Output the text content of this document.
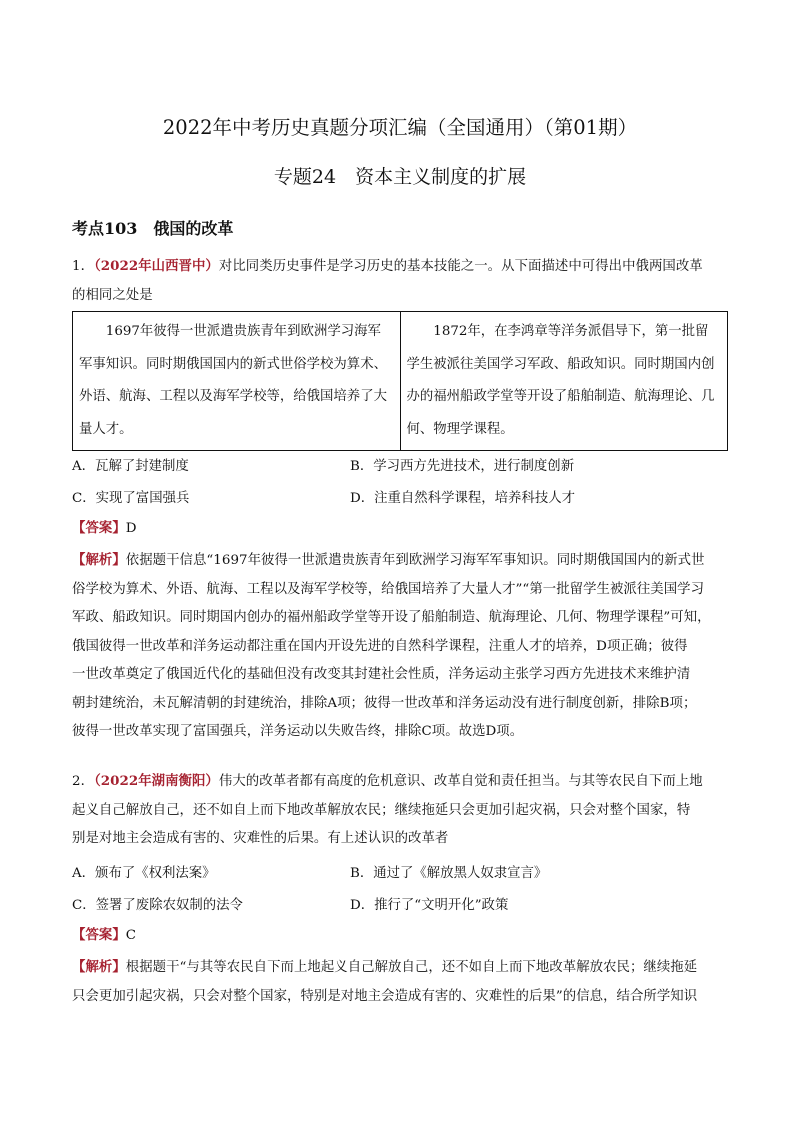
2022年中考历史真题分项汇编（全国通用）（第01期）
专题24　资本主义制度的扩展
考点103　俄国的改革
1．（2022年山西晋中）对比同类历史事件是学习历史的基本技能之一。从下面描述中可得出中俄两国改革
的相同之处是
1697年彼得一世派遣贵族青年到欧洲学习海军军事知识。同时期俄国国内的新式世俗学校为算术、外语、航海、工程以及海军学校等，给俄国培养了大量人才。	1872年，在李鸿章等洋务派倡导下，第一批留学生被派往美国学习军政、船政知识。同时期国内创办的福州船政学堂等开设了船舶制造、航海理论、几何、物理学课程。
A．瓦解了封建制度	B．学习西方先进技术，进行制度创新
C．实现了富国强兵	D．注重自然科学课程，培养科技人才
【答案】D
【解析】依据题干信息“1697年彼得一世派遣贵族青年到欧洲学习海军军事知识。同时期俄国国内的新式世
俗学校为算术、外语、航海、工程以及海军学校等，给俄国培养了大量人才”“第一批留学生被派往美国学习
军政、船政知识。同时期国内创办的福州船政学堂等开设了船舶制造、航海理论、几何、物理学课程”可知，
俄国彼得一世改革和洋务运动都注重在国内开设先进的自然科学课程，注重人才的培养，D项正确；彼得
一世改革奠定了俄国近代化的基础但没有改变其封建社会性质，洋务运动主张学习西方先进技术来维护清
朝封建统治，未瓦解清朝的封建统治，排除A项；彼得一世改革和洋务运动没有进行制度创新，排除B项；
彼得一世改革实现了富国强兵，洋务运动以失败告终，排除C项。故选D项。
2．（2022年湖南衡阳）伟大的改革者都有高度的危机意识、改革自觉和责任担当。与其等农民自下而上地
起义自己解放自己，还不如自上而下地改革解放农民；继续拖延只会更加引起灾祸，只会对整个国家，特
别是对地主会造成有害的、灾难性的后果。有上述认识的改革者
A．颁布了《权利法案》	B．通过了《解放黑人奴隶宣言》
C．签署了废除农奴制的法令	D．推行了“文明开化”政策
【答案】C
【解析】根据题干“与其等农民自下而上地起义自己解放自己，还不如自上而下地改革解放农民；继续拖延
只会更加引起灾祸，只会对整个国家，特别是对地主会造成有害的、灾难性的后果”的信息，结合所学知识
